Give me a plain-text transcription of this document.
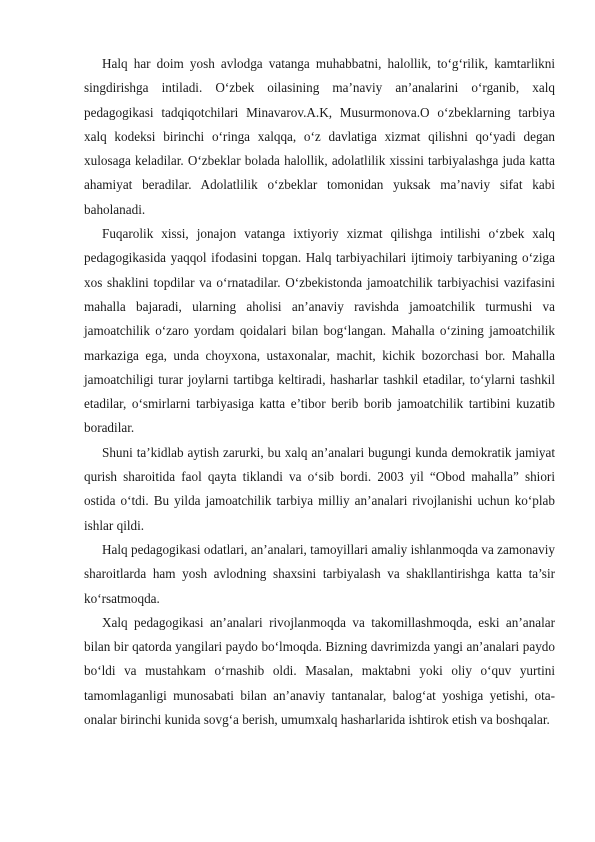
Halq har doim yosh avlodga vatanga muhabbatni, halollik, to‘g‘rilik, kamtarlikni singdirishga intiladi. O‘zbek oilasining ma’naviy an’analarini o‘rganib, xalq pedagogikasi tadqiqotchilari Minavarov.A.K, Musurmonova.O o‘zbeklarning tarbiya xalq kodeksi birinchi o‘ringa xalqqa, o‘z davlatiga xizmat qilishni qo‘yadi degan xulosaga keladilar. O‘zbeklar bolada halollik, adolatlilik xissini tarbiyalashga juda katta ahamiyat beradilar. Adolatlilik o‘zbeklar tomonidan yuksak ma’naviy sifat kabi baholanadi.

Fuqarolik xissi, jonajon vatanga ixtiyoriy xizmat qilishga intilishi o‘zbek xalq pedagogikasida yaqqol ifodasini topgan. Halq tarbiyachilari ijtimoiy tarbiyaning o‘ziga xos shaklini topdilar va o‘rnatadilar. O‘zbekistonda jamoatchilik tarbiyachisi vazifasini mahalla bajaradi, ularning aholisi an’anaviy ravishda jamoatchilik turmushi va jamoatchilik o‘zaro yordam qoidalari bilan bog‘langan. Mahalla o‘zining jamoatchilik markaziga ega, unda choyxona, ustaxonalar, machit, kichik bozorchasi bor. Mahalla jamoatchiligi turar joylarni tartibga keltiradi, hasharlar tashkil etadilar, to‘ylarni tashkil etadilar, o‘smirlarni tarbiyasiga katta e’tibor berib borib jamoatchilik tartibini kuzatib boradilar.

Shuni ta’kidlab aytish zarurki, bu xalq an’analari bugungi kunda demokratik jamiyat qurish sharoitida faol qayta tiklandi va o‘sib bordi. 2003 yil “Obod mahalla” shiori ostida o‘tdi. Bu yilda jamoatchilik tarbiya milliy an’analari rivojlanishi uchun ko‘plab ishlar qildi.

Halq pedagogikasi odatlari, an’analari, tamoyillari amaliy ishlanmoqda va zamonaviy sharoitlarda ham yosh avlodning shaxsini tarbiyalash va shakllantirishga katta ta’sir ko‘rsatmoqda.

Xalq pedagogikasi an’analari rivojlanmoqda va takomillashmoqda, eski an’analar bilan bir qatorda yangilari paydo bo‘lmoqda. Bizning davrimizda yangi an’analari paydo bo‘ldi va mustahkam o‘rnashib oldi. Masalan, maktabni yoki oliy o‘quv yurtini tamomlaganligi munosabati bilan an’anaviy tantanalar, balog‘at yoshiga yetishi, ota-onalar birinchi kunida sovg‘a berish, umumxalq hasharlarida ishtirok etish va boshqalar.
